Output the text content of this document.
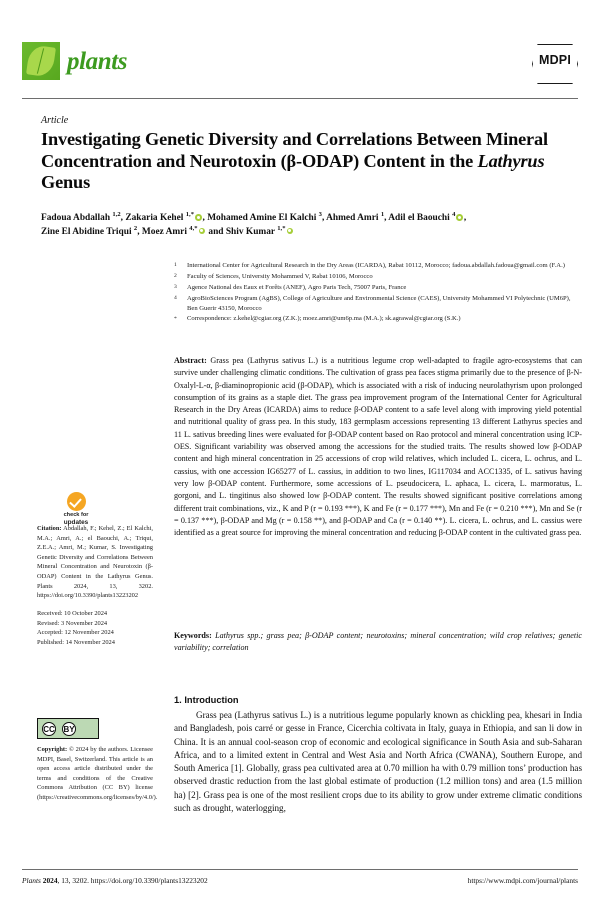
plants	MDPI
Article
Investigating Genetic Diversity and Correlations Between Mineral Concentration and Neurotoxin (β-ODAP) Content in the Lathyrus Genus
Fadoua Abdallah $^{1,2}$, Zakaria Kehel $^{1,*}$ , Mohamed Amine El Kalchi $^3$, Ahmed Amri $^1$, Adil el Baouchi $^4$ ,
Zine El Abidine Triqui $^2$, Moez Amri $^{4,*}$ and Shiv Kumar $^{1,*}$
1	International Center for Agricultural Research in the Dry Areas (ICARDA), Rabat 10112, Morocco; fadoua.abdallah.fadoua@gmail.com (F.A.)
2	Faculty of Sciences, University Mohammed V, Rabat 10106, Morocco
3	Agence National des Eaux et Forêts (ANEF), Agro Paris Tech, 75007 Paris, France
4	AgroBioSciences Program (AgBS), College of Agriculture and Environmental Science (CAES), University Mohammed VI Polytechnic (UM6P), Ben Guerir 43150, Morocco
*	Correspondence: z.kehel@cgiar.org (Z.K.); moez.amri@um6p.ma (M.A.); sk.agrawal@cgiar.org (S.K.)
Abstract: Grass pea (Lathyrus sativus L.) is a nutritious legume crop well-adapted to fragile agro-ecosystems that can survive under challenging climatic conditions. The cultivation of grass pea faces stigma primarily due to the presence of β-N-Oxalyl-L-α, β-diaminopropionic acid (β-ODAP), which is associated with a risk of inducing neurolathyrism upon prolonged consumption of its grains as a staple diet. The grass pea improvement program of the International Center for Agricultural Research in the Dry Areas (ICARDA) aims to reduce β-ODAP content to a safe level along with improving yield potential and nutritional quality of grass pea. In this study, 183 germplasm accessions representing 13 different Lathyrus species and 11 L. sativus breeding lines were evaluated for β-ODAP content based on Rao protocol and mineral concentration using ICP-OES. Significant variability was observed among the accessions for the studied traits. The results showed low β-ODAP content and high mineral concentration in 25 accessions of crop wild relatives, which included L. cicera, L. ochrus, and L. cassius, with one accession IG65277 of L. cassius, in addition to two lines, IG117034 and ACC1335, of L. sativus having very low β-ODAP content. Furthermore, some accessions of L. pseudocicera, L. aphaca, L. cicera, L. marmoratus, L. gorgoni, and L. tingitinus also showed low β-ODAP content. The results showed significant positive correlations among different trait combinations, viz., K and P (r = 0.193 ***), K and Fe (r = 0.177 ***), Mn and Fe (r = 0.210 ***), Mn and Se (r = 0.137 ***), β-ODAP and Mg (r = 0.158 **), and β-ODAP and Ca (r = 0.140 **). L. cicera, L. ochrus, and L. cassius were identified as a great source for improving the mineral concentration and reducing β-ODAP content in the cultivated grass pea.
Keywords: Lathyrus spp.; grass pea; β-ODAP content; neurotoxins; mineral concentration; wild crop relatives; genetic variability; correlation
1. Introduction
Grass pea (Lathyrus sativus L.) is a nutritious legume popularly known as chickling pea, khesari in India and Bangladesh, pois carré or gesse in France, Cicerchia coltivata in Italy, guaya in Ethiopia, and san li dow in China. It is an annual cool-season crop of economic and ecological significance in South Asia and sub-Saharan Africa, and to a limited extent in Central and West Asia and North Africa (CWANA), Southern Europe, and South America [1]. Globally, grass pea cultivated area at 0.70 million ha with 0.79 million tons’ production has observed drastic reduction from the last global estimate of production (1.2 million tons) and area (1.5 million ha) [2]. Grass pea is one of the most resilient crops due to its ability to grow under extreme climatic conditions such as drought, waterlogging,
check for
updates
Citation: Abdallah, F.; Kehel, Z.; El Kalchi, M.A.; Amri, A.; el Baouchi, A.; Triqui, Z.E.A.; Amri, M.; Kumar, S. Investigating Genetic Diversity and Correlations Between Mineral Concentration and Neurotoxin (β-ODAP) Content in the Lathyrus Genus. Plants 2024, 13, 3202. https://doi.org/10.3390/plants13223202
Received: 10 October 2024
Revised: 3 November 2024
Accepted: 12 November 2024
Published: 14 November 2024
CC BY
Copyright: © 2024 by the authors. Licensee MDPI, Basel, Switzerland. This article is an open access article distributed under the terms and conditions of the Creative Commons Attribution (CC BY) license (https://creativecommons.org/licenses/by/4.0/).
Plants 2024, 13, 3202. https://doi.org/10.3390/plants13223202	https://www.mdpi.com/journal/plants
